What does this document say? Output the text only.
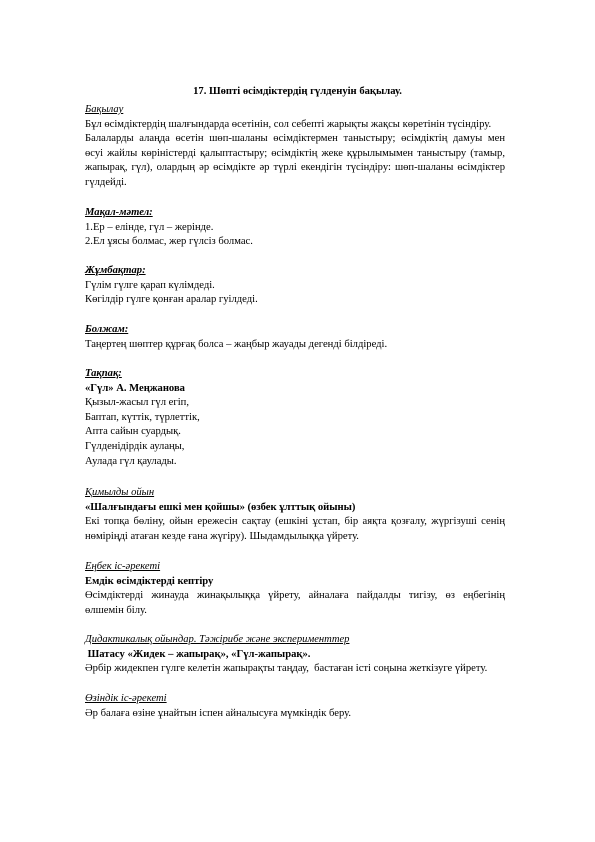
17. Шөпті өсімдіктердің гүлденуін бақылау.

Бақылау

Бұл өсімдіктердің шалғындарда өсетінін, сол себепті жарықты жақсы көретінін түсіндіру.

Балаларды алаңда өсетін шөп-шаланы өсімдіктермен таныстыру; өсімдіктің дамуы мен

өсуі жайлы көріністерді қалыптастыру; өсімдіктің жеке құрылымымен таныстыру (тамыр,

жапырақ, гүл), олардың әр өсімдікте әр түрлі екендігін түсіндіру: шөп-шаланы өсімдіктер

гүлдейді.

Мақал-мәтел:

1.Ер – елінде, гүл – жерінде.

2.Ел ұясы болмас, жер гүлсіз болмас.

Жұмбақтар:

Гүлім гүлге қарап күлімдеді.

Көгілдір гүлге қонған аралар гуілдеді.

Болжам:

Таңертең шөптер құрғақ болса – жаңбыр жауады дегенді білдіреді.

Тақпақ:

«Гүл» А. Меңжанова

Қызыл-жасыл гүл егіп,

Баптап, күттік, түрлеттік,

Апта сайын суардық.

Гүлденідірдік аулаңы,

Аулада гүл қаулады.

Қимылды ойын

«Шалғындағы ешкі мен қойшы» (өзбек ұлттық ойыны)

Екі топқа бөліну, ойын ережесін сақтау (ешкіні ұстап, бір аяқта қозғалу, жүргізуші сенің

нөміріңді атаған кезде ғана жүгіру). Шыдамдылыққа үйрету.

Еңбек іс-әрекеті

Емдік өсімдіктерді кептіру

Өсімдіктерді жинауда жинақылыққа үйрету, айналаға пайдалды тигізу, өз еңбегінің

өлшемін білу.

Дидактикалық ойындар. Тәжірибе және эксперименттер

Шатасу «Жидек – жапырақ», «Гүл-жапырақ».

Әрбір жидекпен гүлге келетін жапырақты таңдау,  бастаған істі соңына жеткізуге үйрету.

Өзіндік іс-әрекеті

Әр балаға өзіне ұнайтын іспен айналысуға мүмкіндік беру.
